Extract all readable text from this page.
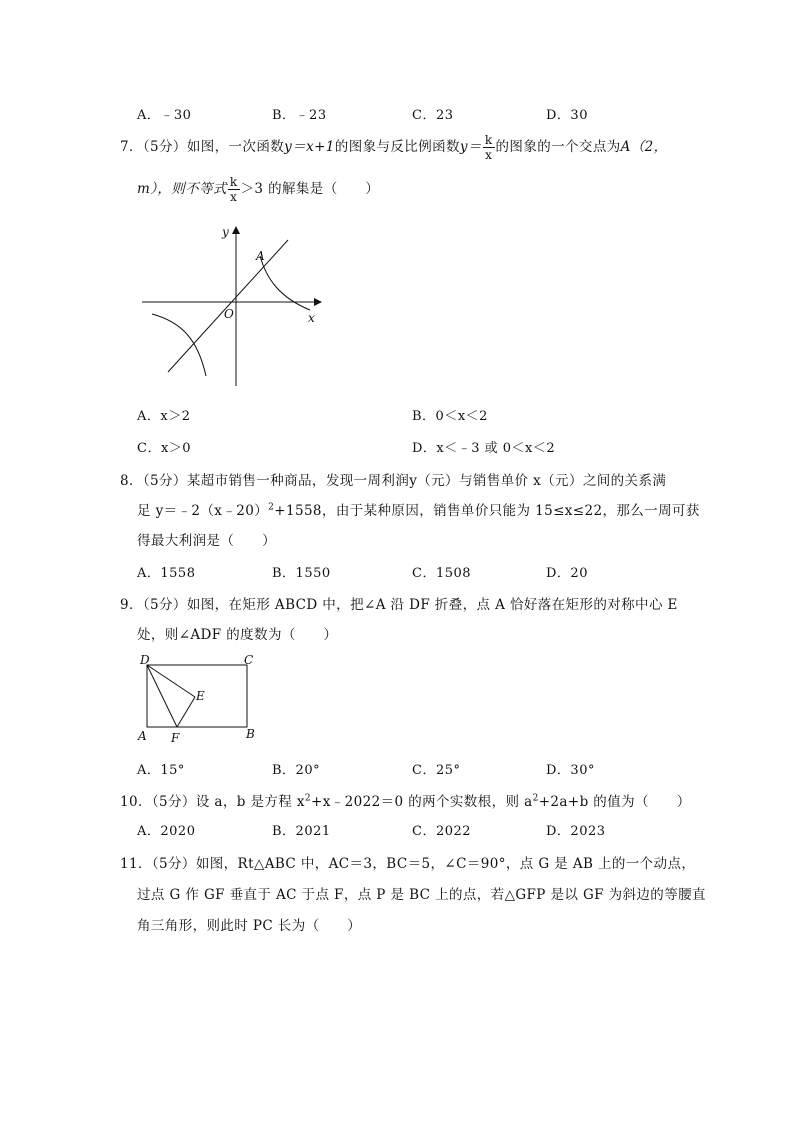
A．﹣30	B．﹣23	C．23	D．30
7．（5分）如图，一次函数y＝x+1的图象与反比例函数$y= \frac{k}{x}$ 的图象的一个交点为A（2，
m），则不等式 $\frac{k}{x} >3$ 的解集是（　　）
y
x
O
A
A．x＞2	B．0＜x＜2
C．x＞0	D．x＜﹣3 或 0＜x＜2
8．（5分）某超市销售一种商品，发现一周利润y（元）与销售单价 x（元）之间的关系满
足 y＝﹣2（x﹣20）$^2$+1558，由于某种原因，销售单价只能为 15≤x≤22，那么一周可获
得最大利润是（　　）
A．1558	B．1550	C．1508	D．20
9．（5分）如图，在矩形 ABCD 中，把∠A 沿 DF 折叠，点 A 恰好落在矩形的对称中心 E
处，则∠ADF 的度数为（　　）
D	C
E
A F	B
A．15°	B．20°	C．25°	D．30°
10．（5分）设 a，b 是方程 $x^2+x﹣2022=0$ 的两个实数根，则 $a^2+2a+b$ 的值为（　　）
A．2020	B．2021	C．2022	D．2023
11．（5分）如图，Rt△ABC 中，AC＝3，BC＝5，∠C＝90°，点 G 是 AB 上的一个动点，
过点 G 作 GF 垂直于 AC 于点 F，点 P 是 BC 上的点，若△GFP 是以 GF 为斜边的等腰直
角三角形，则此时 PC 长为（　　）
